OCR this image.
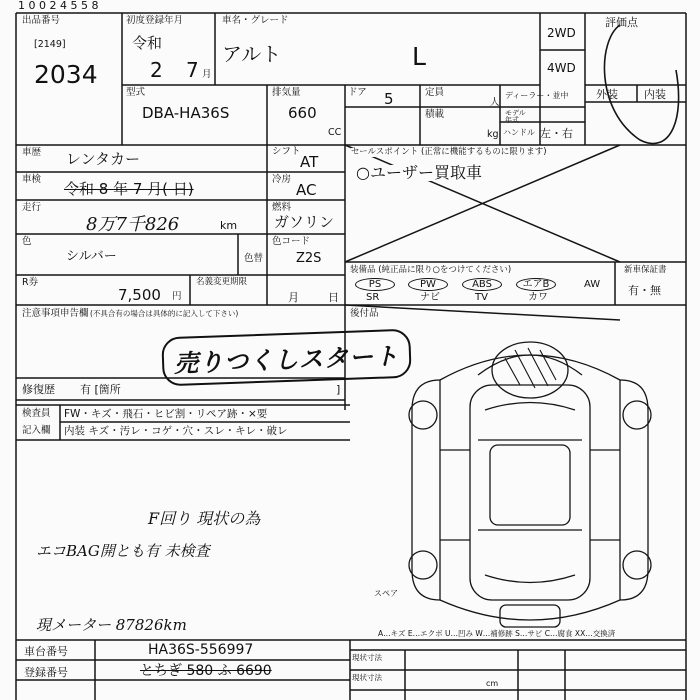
1 0 0 2 4 5 5 8
出品番号
[2149]
2034
初度登録年月
令和
2 7 月
車名・グレード
アルト	L
2WD
4WD
評価点
外装 内装
型式
DBA-HA36S
排気量
660
CC
ドア 5	定員
人
積載
kg
ディーラー・並中
モデル年式
ハンドル 左・右
車歴 レンタカー	シフト
AT
車検
令和 8 年 7 月( 日)
冷房
AC
走行
8万7千826	km
燃料
ガソリン
色
シルバー	色替
色コード
Z2S
R券
7,500 円
名義変更期限
月	日
セールスポイント (正常に機能するものに限ります)
○ユーザー買取車
装備品 (純正品に限り○をつけてください)
PS	PW	ABS	エアB	AW
SR	ナビ	TV	カワ
新車保証書
有・無
後付品
注意事項申告欄 (不具合有の場合は具体的に記入して下さい)
売りつくしスタート
修復歴 有 [箇所	]
検査員
記入欄
FW・キズ・飛石・ヒビ割・リペア跡・×要
内装 キズ・汚レ・コゲ・穴・スレ・キレ・破レ
F回り 現状の為
エコBAG開とも有 未検査
現メーター 87826km
スペア
A…キズ E…エクボ U…凹み W…補修跡 S…サビ C…腐食 XX…交換済
車台番号	HA36S-556997
登録番号	とちぎ 580 ふ 6690
現状寸法
現状寸法
cm
